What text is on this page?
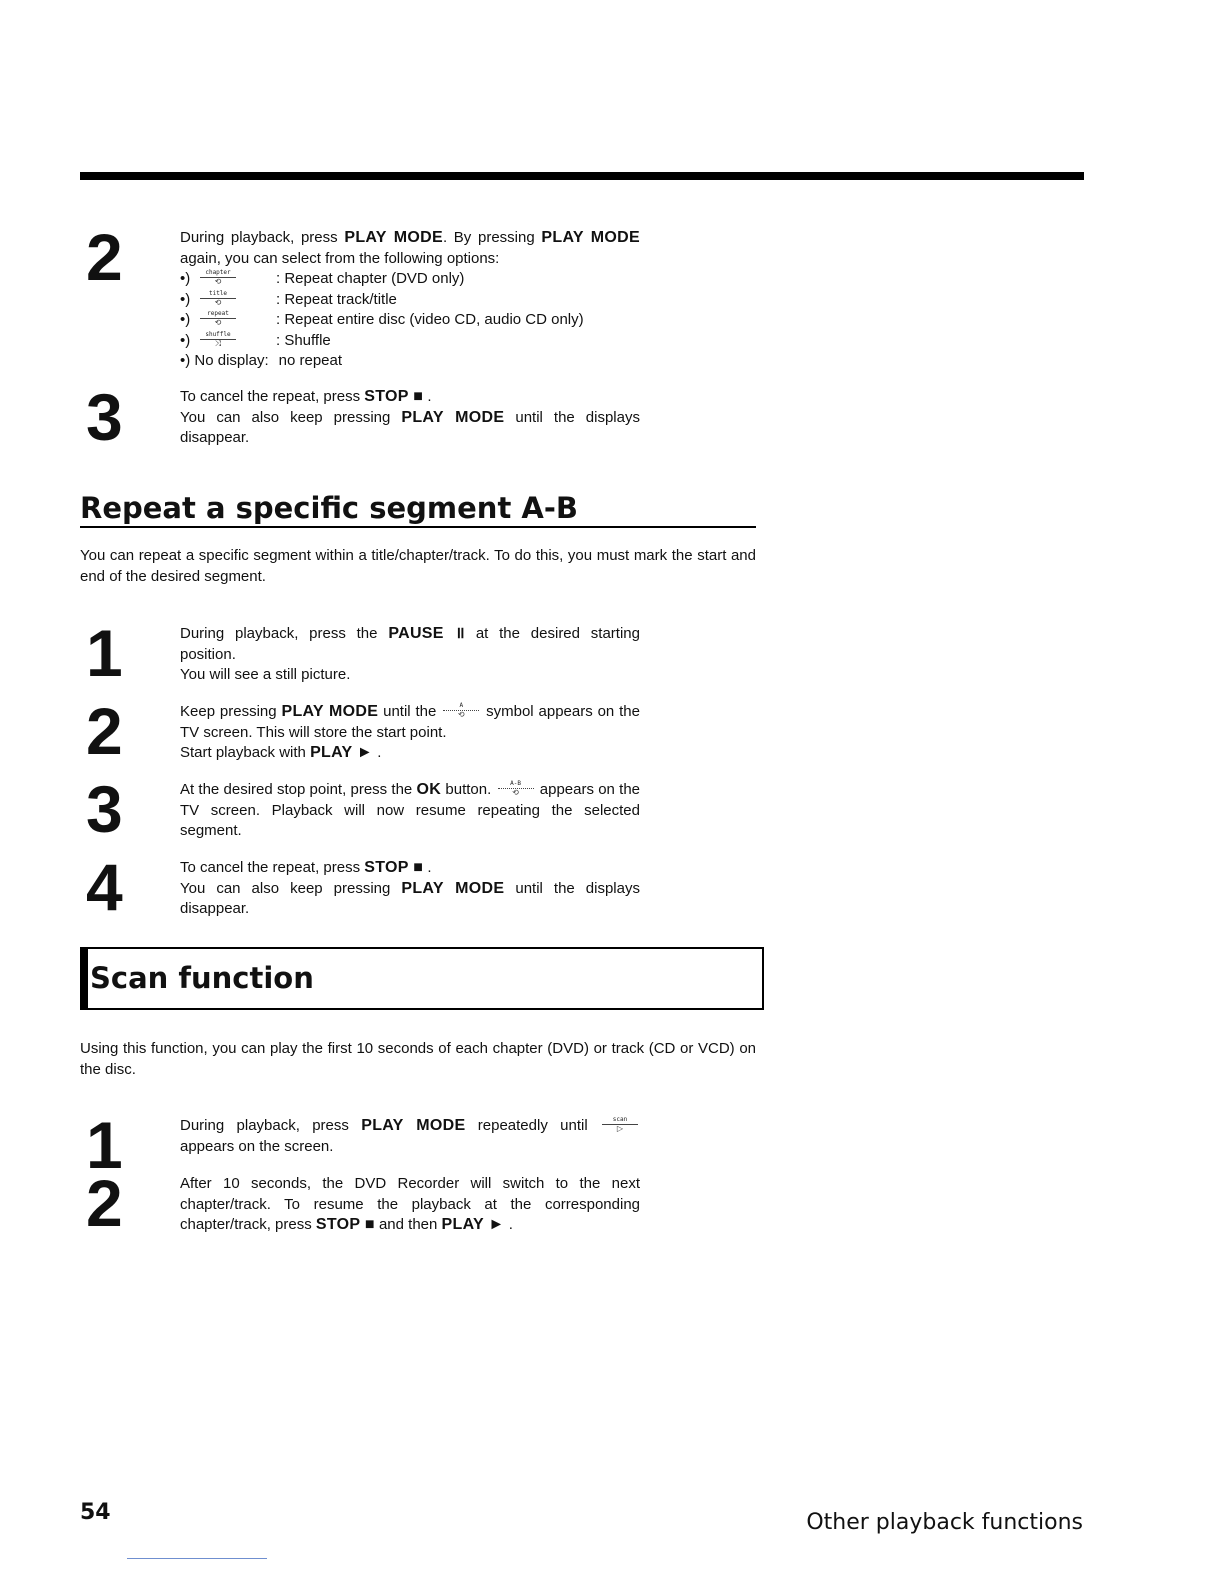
2	During playback, press PLAY MODE. By pressing PLAY MODE again, you can select from the following options:

•)	chapter
⟲	: Repeat chapter (DVD only)
•)	title
⟲	: Repeat track/title
•)	repeat
⟲	: Repeat entire disc (video CD, audio CD only)
•)	shuffle
⤨	: Shuffle
•) No display: no repeat
3	To cancel the repeat, press STOP ■ .

You can also keep pressing PLAY MODE until the displays disappear.

Repeat a specific segment A-B
You can repeat a specific segment within a title/chapter/track. To do this, you must mark the start and end of the desired segment.
1	During playback, press the PAUSE ॥ at the desired starting position.

You will see a still picture.

2	Keep pressing PLAY MODE until the	A
⟲	symbol appears on the TV screen. This will store the start point.

Start playback with PLAY ► .

3	At the desired stop point, press the OK button.	A-B
⟲	appears on the TV screen. Playback will now resume repeating the selected segment.

4	To cancel the repeat, press STOP ■ .

You can also keep pressing PLAY MODE until the displays disappear.

Scan function
Using this function, you can play the first 10 seconds of each chapter (DVD) or track (CD or VCD) on the disc.
1	During playback, press PLAY MODE repeatedly until	scan
▷
appears on the screen.

2	After 10 seconds, the DVD Recorder will switch to the next chapter/track. To resume the playback at the corresponding chapter/track, press STOP ■ and then PLAY ► .

54	Other playback functions
